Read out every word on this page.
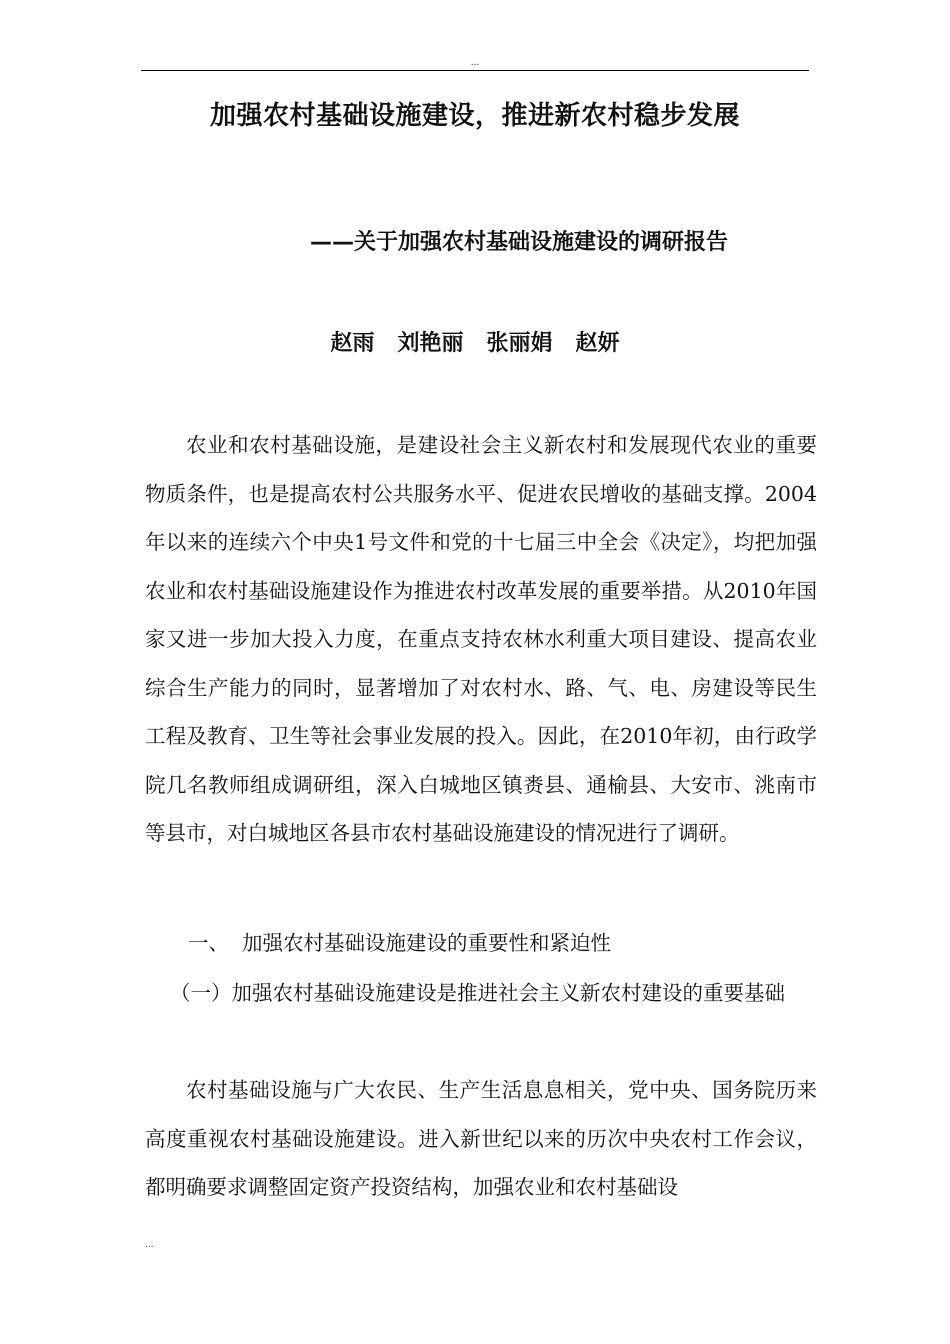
...
加强农村基础设施建设，推进新农村稳步发展
——关于加强农村基础设施建设的调研报告
赵雨   刘艳丽   张丽娟   赵妍
农业和农村基础设施，是建设社会主义新农村和发展现代农业的重要物质条件，也是提高农村公共服务水平、促进农民增收的基础支撑。2004 年以来的连续六个中央1号文件和党的十七届三中全会《决定》，均把加强农业和农村基础设施建设作为推进农村改革发展的重要举措。从2010年国家又进一步加大投入力度，在重点支持农林水利重大项目建设、提高农业综合生产能力的同时，显著增加了对农村水、路、气、电、房建设等民生工程及教育、卫生等社会事业发展的投入。因此，在2010年初，由行政学院几名教师组成调研组，深入白城地区镇赉县、通榆县、大安市、洮南市等县市，对白城地区各县市农村基础设施建设的情况进行了调研。
一、  加强农村基础设施建设的重要性和紧迫性
（一）加强农村基础设施建设是推进社会主义新农村建设的重要基础
农村基础设施与广大农民、生产生活息息相关，党中央、国务院历来高度重视农村基础设施建设。进入新世纪以来的历次中央农村工作会议，都明确要求调整固定资产投资结构，加强农业和农村基础设
...
